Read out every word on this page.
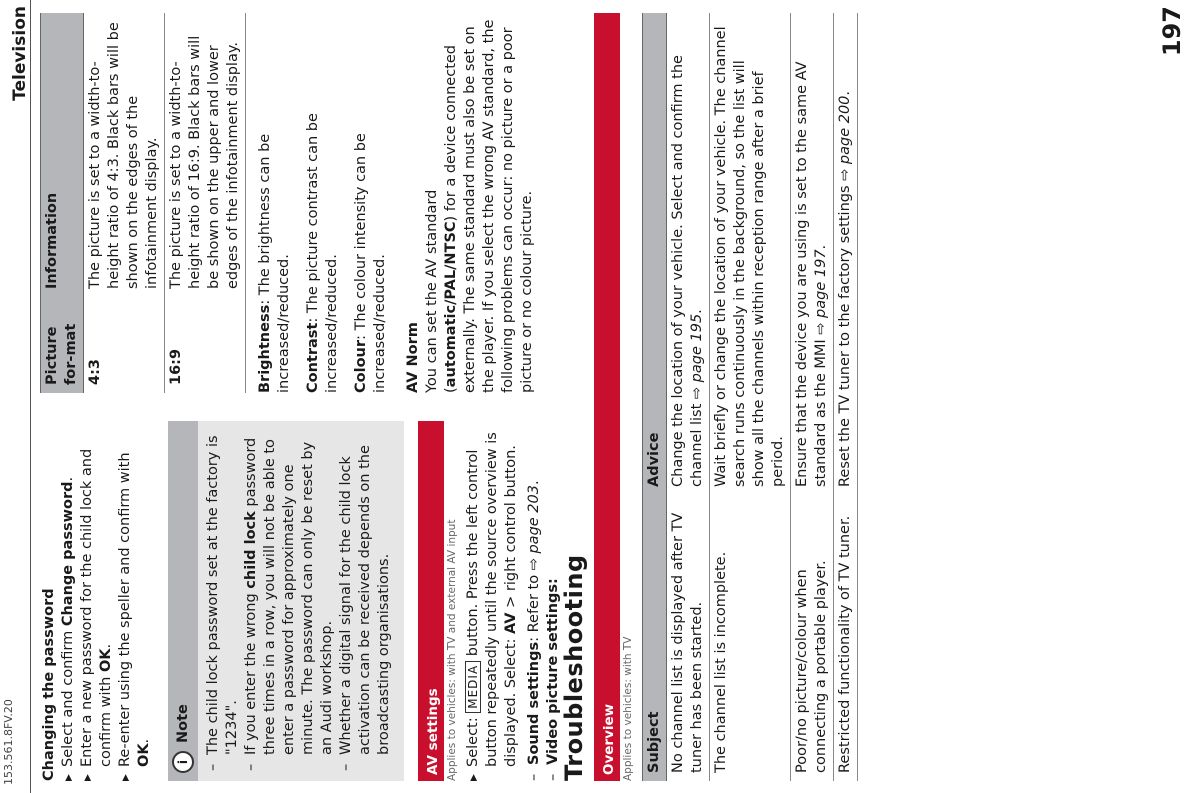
153.561.8FV.20
Television

Changing the password ▶ Select and confirm Change password. ▶ Enter a new password for the child lock and confirm with OK. ▶ Re-enter using the speller and confirm with OK.
i
Note – The child lock password set at the factory is "1234". – If you enter the wrong child lock password three times in a row, you will not be able to enter a password for approximately one minute. The password can only be reset by an Audi workshop. – Whether a digital signal for the child lock activation can be received depends on the broadcasting organisations. AV settings Applies to vehicles: with TV and external AV input ▶ Select: MEDIA button. Press the left control button repeatedly until the source overview is displayed. Select: AV > right control button.
– Sound settings: Refer to ⇨ page 203.
– Video picture settings:
Picture for-mat	Information
4:3	The picture is set to a width-to-height ratio of 4:3. Black bars will be shown on the edges of the infotainment display.
16:9	The picture is set to a width-to-height ratio of 16:9. Black bars will be shown on the upper and lower edges of the infotainment display.

Brightness: The brightness can be increased/reduced. Contrast: The picture contrast can be increased/reduced. Colour: The colour intensity can be increased/reduced. AV Norm You can set the AV standard (automatic/PAL/NTSC) for a device connected externally. The same standard must also be set on the player. If you select the wrong AV standard, the following problems can occur: no picture or a poor picture or no colour picture.

Troubleshooting Overview Applies to vehicles: with TV Subject	Advice
No channel list is displayed after TV tuner has been started.	Change the location of your vehicle. Select and confirm the channel list ⇨ page 195.
The channel list is incomplete.	Wait briefly or change the location of your vehicle. The channel search runs continuously in the background, so the list will show all the channels within reception range after a brief period.
Poor/no picture/colour when connecting a portable player.	Ensure that the device you are using is set to the same AV standard as the MMI ⇨ page 197.
Restricted functionality of TV tuner.	Reset the TV tuner to the factory settings ⇨ page 200.
197
